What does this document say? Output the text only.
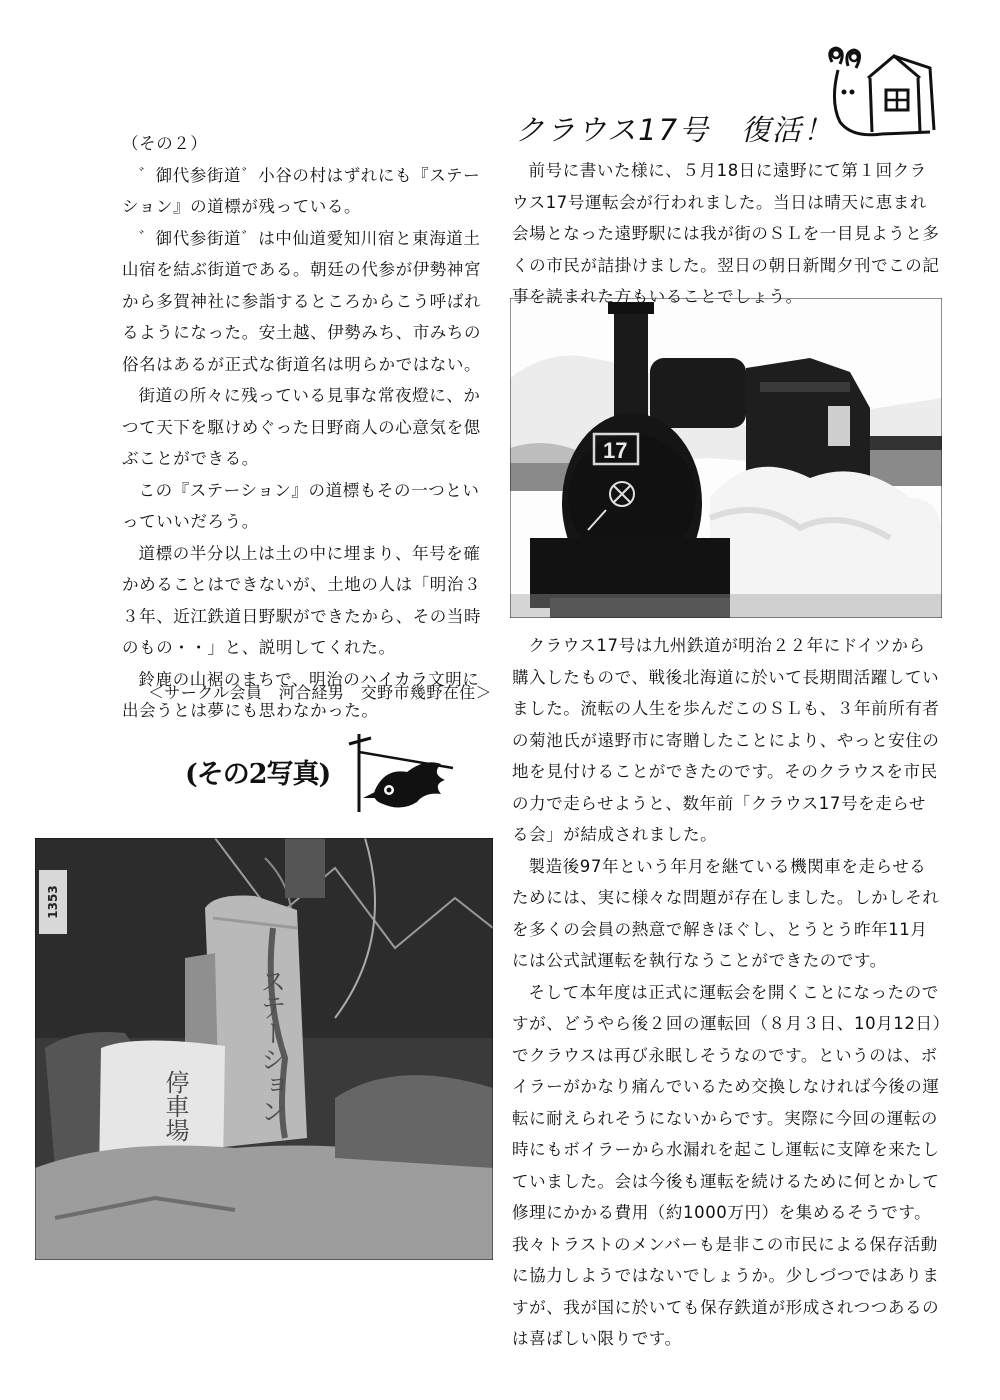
クラウス17号　復活！

（その２）

゛御代参街道゛小谷の村はずれにも『ステーション』の道標が残っている。

゛御代参街道゛は中仙道愛知川宿と東海道土山宿を結ぶ街道である。朝廷の代参が伊勢神宮から多賀神社に参詣するところからこう呼ばれるようになった。安土越、伊勢みち、市みちの俗名はあるが正式な街道名は明らかではない。

街道の所々に残っている見事な常夜燈に、かつて天下を駆けめぐった日野商人の心意気を偲ぶことができる。

この『ステーション』の道標もその一つといっていいだろう。

道標の半分以上は土の中に埋まり、年号を確かめることはできないが、土地の人は「明治３３年、近江鉄道日野駅ができたから、その当時のもの・・」と、説明してくれた。

鈴鹿の山裾のまちで、明治のハイカラ文明に出会うとは夢にも思わなかった。

＜サークル会員　河合経男　交野市幾野在住＞
(その2写真)
17

前号に書いた様に、５月18日に遠野にて第１回クラウス17号運転会が行われました。当日は晴天に恵まれ会場となった遠野駅には我が街のＳＬを一目見ようと多くの市民が詰掛けました。翌日の朝日新聞夕刊でこの記事を読まれた方もいることでしょう。

クラウス17号は九州鉄道が明治２２年にドイツから購入したもので、戦後北海道に於いて長期間活躍していました。流転の人生を歩んだこのＳＬも、３年前所有者の菊池氏が遠野市に寄贈したことにより、やっと安住の地を見付けることができたのです。そのクラウスを市民の力で走らせようと、数年前「クラウス17号を走らせる会」が結成されました。

製造後97年という年月を継ている機関車を走らせるためには、実に様々な問題が存在しました。しかしそれを多くの会員の熱意で解きほぐし、とうとう昨年11月には公式試運転を執行なうことができたのです。

そして本年度は正式に運転会を開くことになったのですが、どうやら後２回の運転回（８月３日、10月12日）でクラウスは再び永眠しそうなのです。というのは、ボイラーがかなり痛んでいるため交換しなければ今後の運転に耐えられそうにないからです。実際に今回の運転の時にもボイラーから水漏れを起こし運転に支障を来たしていました。会は今後も運転を続けるために何とかして修理にかかる費用（約1000万円）を集めるそうです。我々トラストのメンバーも是非この市民による保存活動に協力しようではないでしょうか。少しづつではありますが、我が国に於いても保存鉄道が形成されつつあるのは喜ばしい限りです。

1353
ステーション
停車場
